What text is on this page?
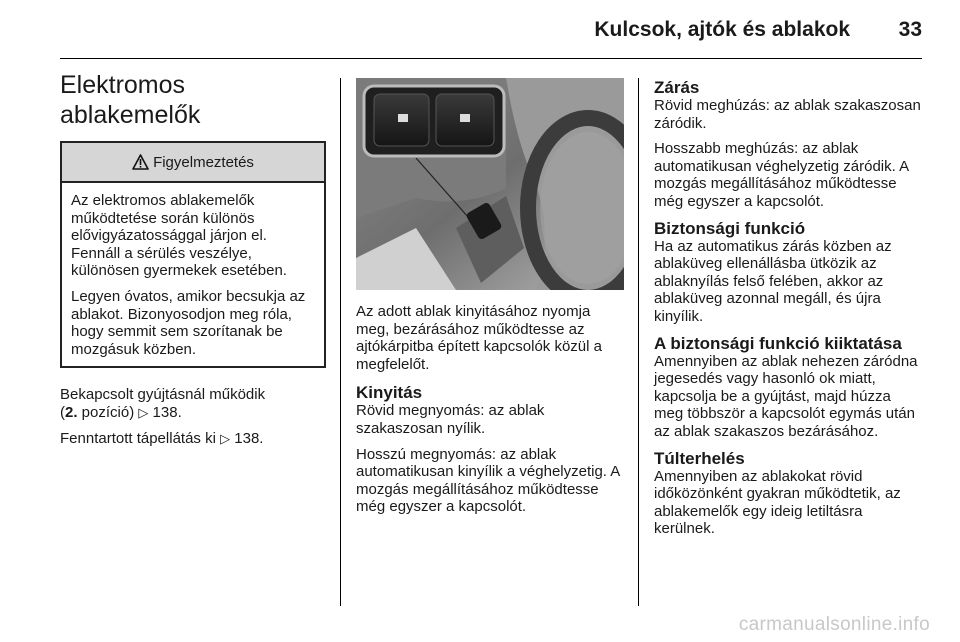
Kulcsok, ajtók és ablakok	33
Elektromos ablakemelők
Figyelmeztetés

Az elektromos ablakemelők működtetése során különös elővigyázatossággal járjon el. Fennáll a sérülés veszélye, különösen gyermekek esetében.

Legyen óvatos, amikor becsukja az ablakot. Bizonyosodjon meg róla, hogy semmit sem szorítanak be mozgásuk közben.

Bekapcsolt gyújtásnál működik
(2. pozíció) ▷ 138.

Fenntartott tápellátás ki ▷ 138.

Az adott ablak kinyitásához nyomja meg, bezárásához működtesse az ajtókárpitba épített kapcsolók közül a megfelelőt.

Kinyitás

Rövid megnyomás: az ablak szakaszosan nyílik.

Hosszú megnyomás: az ablak automatikusan kinyílik a véghelyzetig. A mozgás megállításához működtesse még egyszer a kapcsolót.

Zárás

Rövid meghúzás: az ablak szakaszosan záródik.

Hosszabb meghúzás: az ablak automatikusan véghelyzetig záródik. A mozgás megállításához működtesse még egyszer a kapcsolót.

Biztonsági funkció

Ha az automatikus zárás közben az ablaküveg ellenállásba ütközik az ablaknyílás felső felében, akkor az ablaküveg azonnal megáll, és újra kinyílik.

A biztonsági funkció kiiktatása

Amennyiben az ablak nehezen záródna jegesedés vagy hasonló ok miatt, kapcsolja be a gyújtást, majd húzza meg többször a kapcsolót egymás után az ablak szakaszos bezárásához.

Túlterhelés

Amennyiben az ablakokat rövid időközönként gyakran működtetik, az ablakemelők egy ideig letiltásra kerülnek.

carmanualsonline.info
